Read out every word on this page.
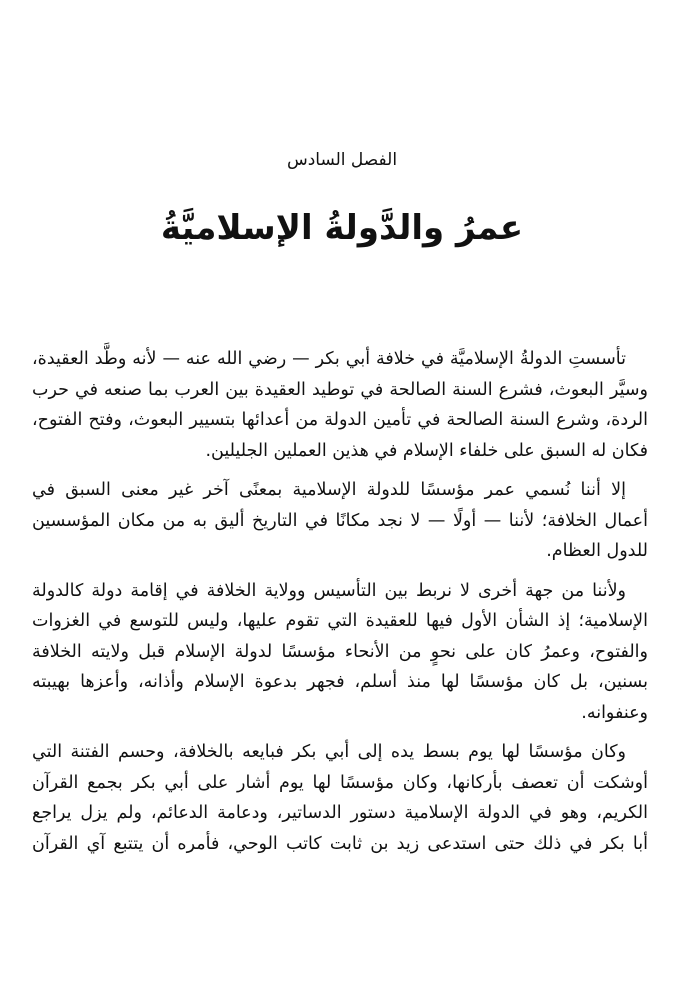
الفصل السادس
عمرُ والدَّولةُ الإسلاميَّةُ

تأسستِ الدولةُ الإسلاميَّة في خلافة أبي بكر — رضي الله عنه — لأنه وطَّد العقيدة،
وسيَّر البعوث، فشرع السنة الصالحة في توطيد العقيدة بين العرب بما صنعه في حرب
الردة، وشرع السنة الصالحة في تأمين الدولة من أعدائها بتسيير البعوث، وفتح الفتوح،
فكان له السبق على خلفاء الإسلام في هذين العملين الجليلين.

إلا أننا نُسمي عمر مؤسسًا للدولة الإسلامية بمعنًى آخر غير معنى السبق في
أعمال الخلافة؛ لأننا — أولًا — لا نجد مكانًا في التاريخ أليق به من مكان المؤسسين
للدول العظام.

ولأننا من جهة أخرى لا نربط بين التأسيس وولاية الخلافة في إقامة دولة كالدولة
الإسلامية؛ إذ الشأن الأول فيها للعقيدة التي تقوم عليها، وليس للتوسع في الغزوات
والفتوح، وعمرُ كان على نحوٍ من الأنحاء مؤسسًا لدولة الإسلام قبل ولايته الخلافة
بسنين، بل كان مؤسسًا لها منذ أسلم، فجهر بدعوة الإسلام وأذانه، وأعزها بهيبته
وعنفوانه.

وكان مؤسسًا لها يوم بسط يده إلى أبي بكر فبايعه بالخلافة، وحسم الفتنة التي
أوشكت أن تعصف بأركانها، وكان مؤسسًا لها يوم أشار على أبي بكر بجمع القرآن
الكريم، وهو في الدولة الإسلامية دستور الدساتير، ودعامة الدعائم، ولم يزل يراجع
أبا بكر في ذلك حتى استدعى زيد بن ثابت كاتب الوحي، فأمره أن يتتبع آي القرآن
